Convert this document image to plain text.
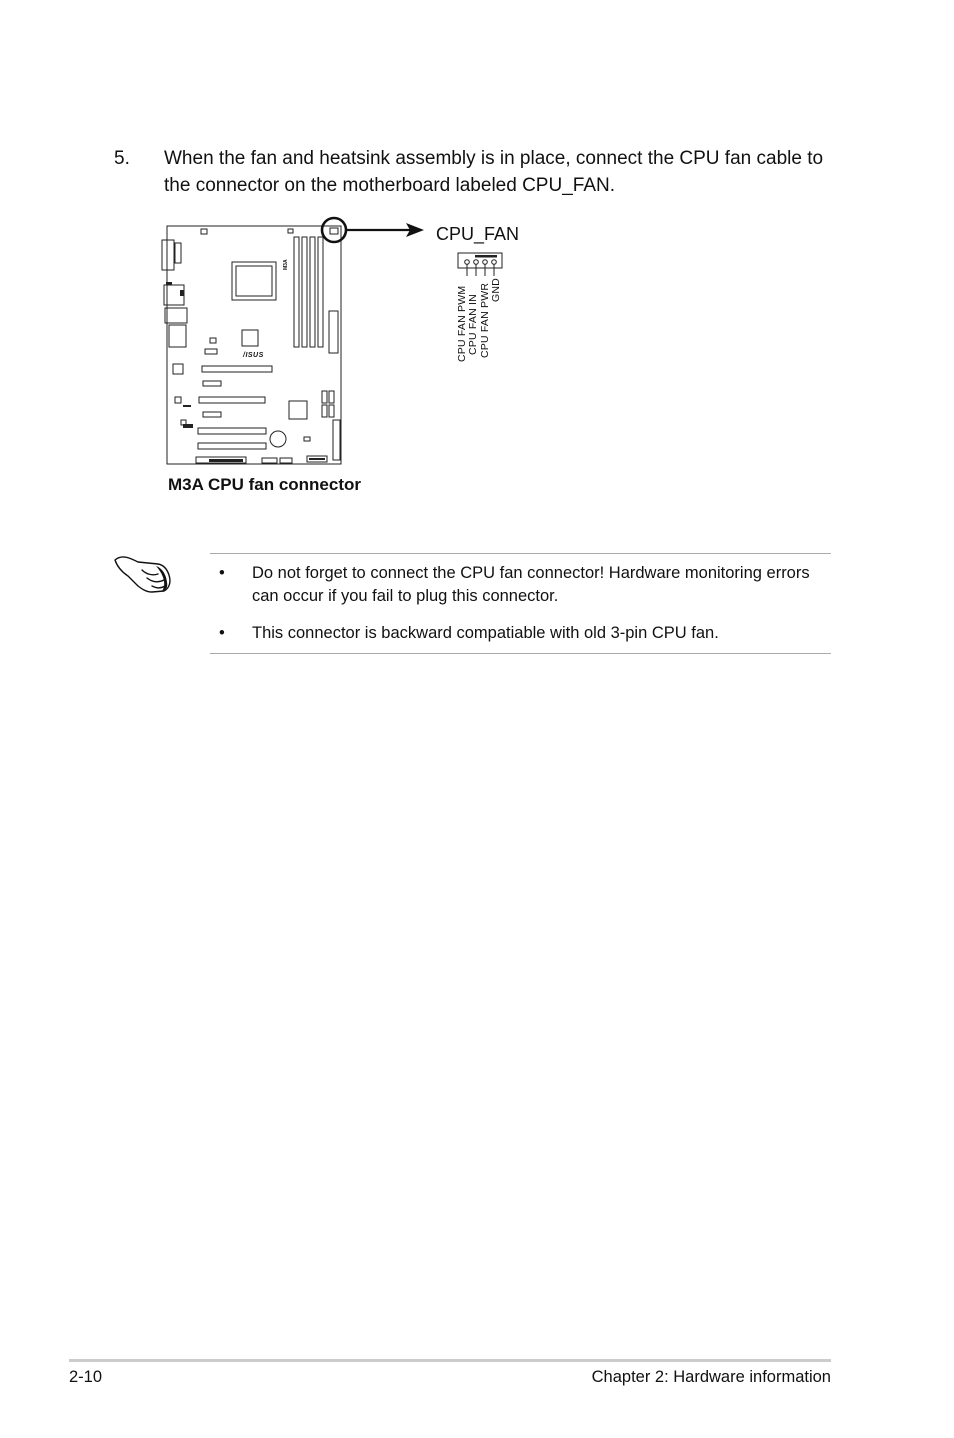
5. When the fan and heatsink assembly is in place, connect the CPU fan cable to the connector on the motherboard labeled CPU_FAN.
M3A
/ISUS
CPU_FAN
CPU FAN PWM CPU FAN IN CPU FAN PWR GND
M3A CPU fan connector
• Do not forget to connect the CPU fan connector! Hardware monitoring errors can occur if you fail to plug this connector.
• This connector is backward compatiable with old 3-pin CPU fan.
2-10	Chapter 2: Hardware information
